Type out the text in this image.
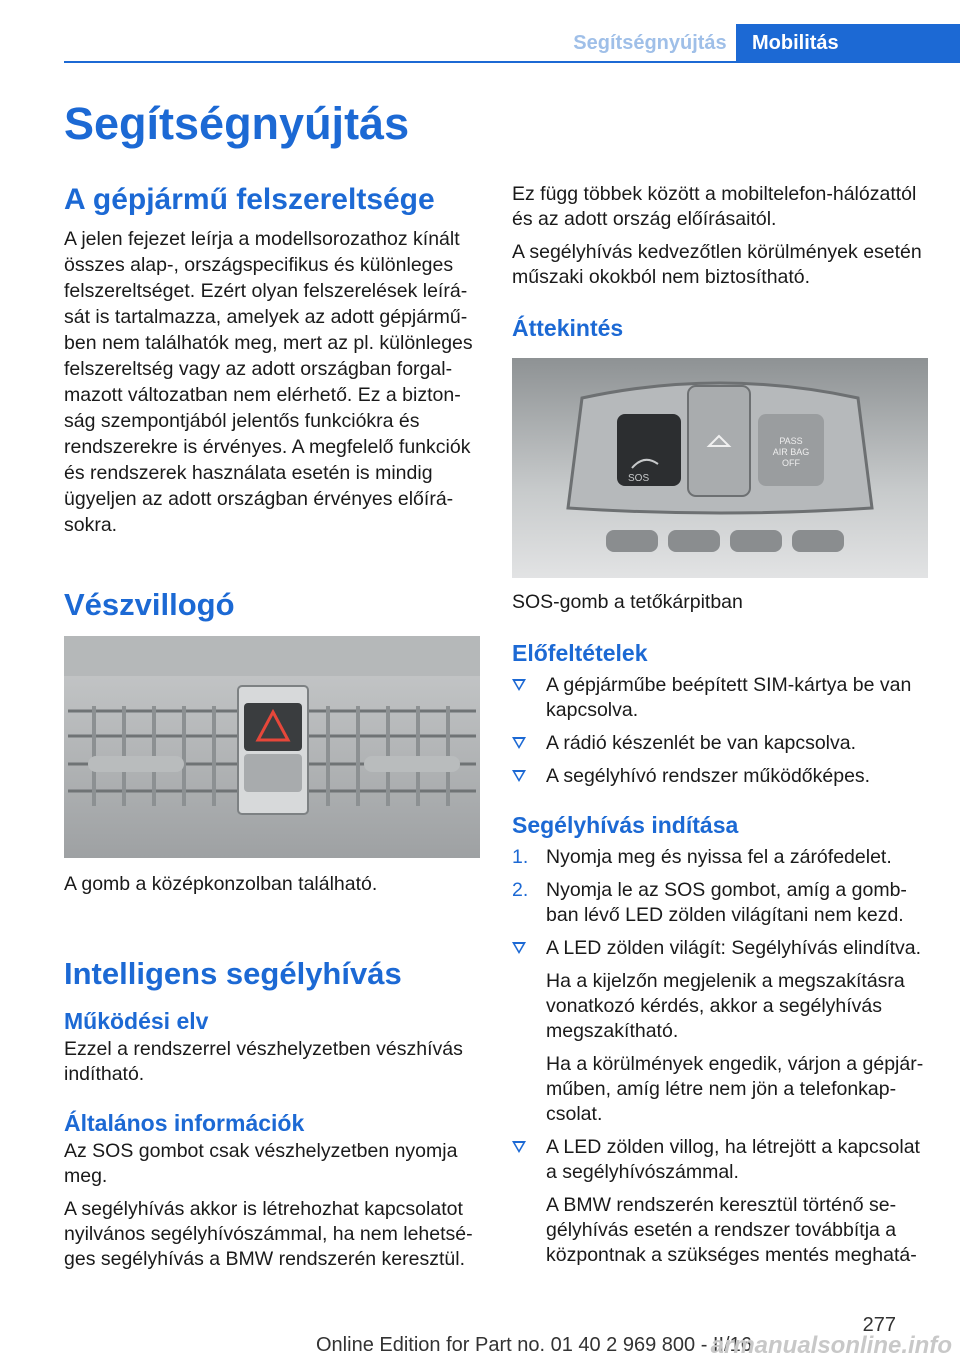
Segítségnyújtás	Mobilitás
Segítségnyújtás
A gépjármű felszereltsége

A jelen fejezet leírja a modellsorozathoz kínált összes alap-, országspecifikus és különleges felszereltséget. Ezért olyan felszerelések leírását is tartalmazza, amelyek az adott gépjárműben nem találhatók meg, mert az pl. különleges felszereltség vagy az adott országban forgalmazott változatban nem elérhető. Ez a biztonság szempontjából jelentős funkciókra és rendszerekre is érvényes. A megfelelő funkciók és rendszerek használata esetén is mindig ügyeljen az adott országban érvényes előírásokra.

Vészvillogó

A gomb a középkonzolban található.

Intelligens segélyhívás
Működési elv

Ezzel a rendszerrel vészhelyzetben vészhívás indítható.

Általános információk

Az SOS gombot csak vészhelyzetben nyomja meg.

A segélyhívás akkor is létrehozhat kapcsolatot nyilvános segélyhívószámmal, ha nem lehetséges segélyhívás a BMW rendszerén keresztül.

Ez függ többek között a mobiltelefon-hálózattól és az adott ország előírásaitól.

A segélyhívás kedvezőtlen körülmények esetén műszaki okokból nem biztosítható.

Áttekintés
SOS
PASS
AIR BAG
OFF

SOS-gomb a tetőkárpitban

Előfeltételek
A gépjárműbe beépített SIM-kártya be van kapcsolva.
A rádió készenlét be van kapcsolva.
A segélyhívó rendszer működőképes.
Segélyhívás indítása
1. Nyomja meg és nyissa fel a zárófedelet.
2. Nyomja le az SOS gombot, amíg a gombban lévő LED zölden világítani nem kezd.
A LED zölden világít: Segélyhívás elindítva.

Ha a kijelzőn megjelenik a megszakításra vonatkozó kérdés, akkor a segélyhívás megszakítható.

Ha a körülmények engedik, várjon a gépjárműben, amíg létre nem jön a telefonkapcsolat.

A LED zölden villog, ha létrejött a kapcsolat a segélyhívószámmal.

A BMW rendszerén keresztül történő segélyhívás esetén a rendszer továbbítja a központnak a szükséges mentés meghatá-

277
Online Edition for Part no. 01 40 2 969 800 - II/16
armanualsonline.info
